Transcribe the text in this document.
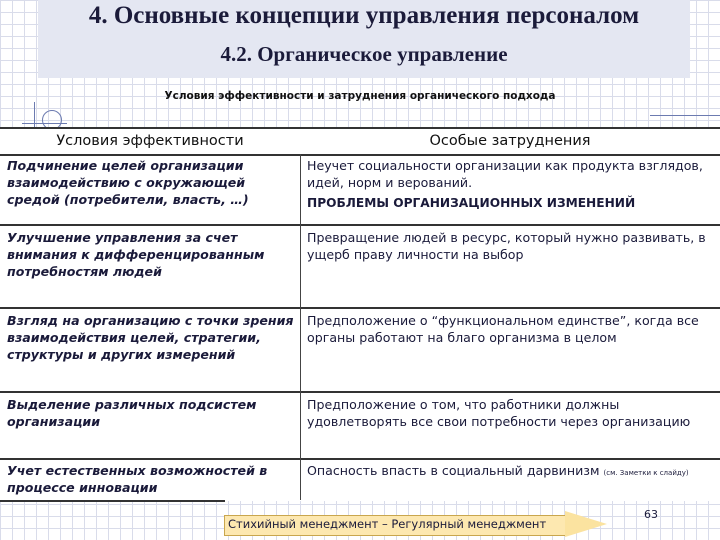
4. Основные концепции управления персоналом
4.2. Органическое управление
Условия эффективности и затруднения органического подхода
Условия эффективности	Особые затруднения
Подчинение целей организации взаимодействию с окружающей средой (потребители, власть, …)
Неучет социальности организации как продукта взглядов, идей, норм и верований.
ПРОБЛЕМЫ ОРГАНИЗАЦИОННЫХ ИЗМЕНЕНИЙ
Улучшение управления за счет внимания к дифференцированным потребностям людей
Превращение людей в ресурс, который нужно развивать, в ущерб праву личности на выбор
Взгляд на организацию с точки зрения взаимодействия целей, стратегии, структуры и других измерений
Предположение о “функциональном единстве”, когда все органы работают на благо организма в целом
Выделение различных подсистем организации
Предположение о том, что работники должны удовлетворять все свои потребности через организацию
Учет естественных возможностей в процессе инновации
Опасность впасть в социальный дарвинизм (см. Заметки к слайду)
Стихийный менеджмент – Регулярный менеджмент
63
